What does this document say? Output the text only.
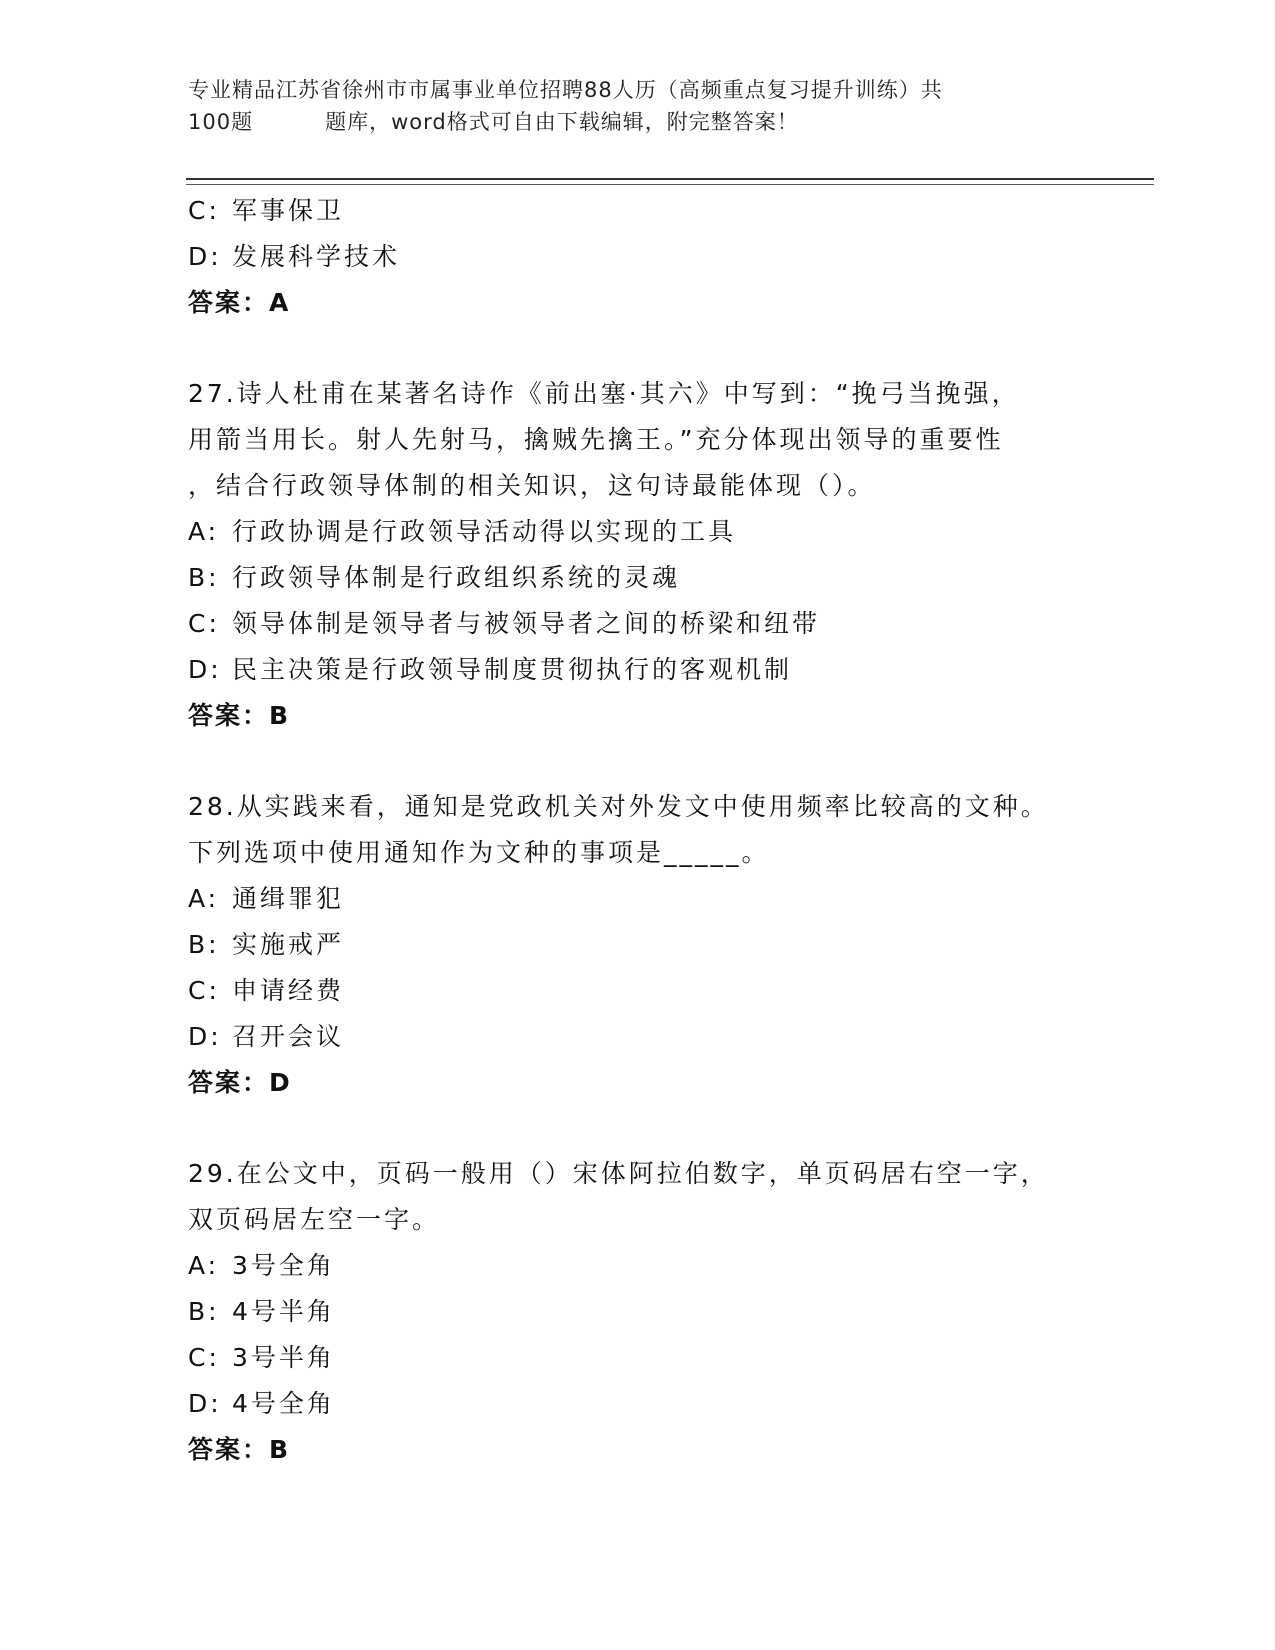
专业精品江苏省徐州市市属事业单位招聘88人历（高频重点复习提升训练）共
100题	题库，word格式可自由下载编辑，附完整答案！
C: 军事保卫
D: 发展科学技术
答案：A
27.诗人杜甫在某著名诗作《前出塞·其六》中写到：“挽弓当挽强，
用箭当用长。射人先射马，擒贼先擒王。”充分体现出领导的重要性
，结合行政领导体制的相关知识，这句诗最能体现（）。
A: 行政协调是行政领导活动得以实现的工具
B: 行政领导体制是行政组织系统的灵魂
C: 领导体制是领导者与被领导者之间的桥梁和纽带
D: 民主决策是行政领导制度贯彻执行的客观机制
答案：B
28.从实践来看，通知是党政机关对外发文中使用频率比较高的文种。
下列选项中使用通知作为文种的事项是_____。
A: 通缉罪犯
B: 实施戒严
C: 申请经费
D: 召开会议
答案：D
29.在公文中，页码一般用（）宋体阿拉伯数字，单页码居右空一字，
双页码居左空一字。
A: 3号全角
B: 4号半角
C: 3号半角
D: 4号全角
答案：B
